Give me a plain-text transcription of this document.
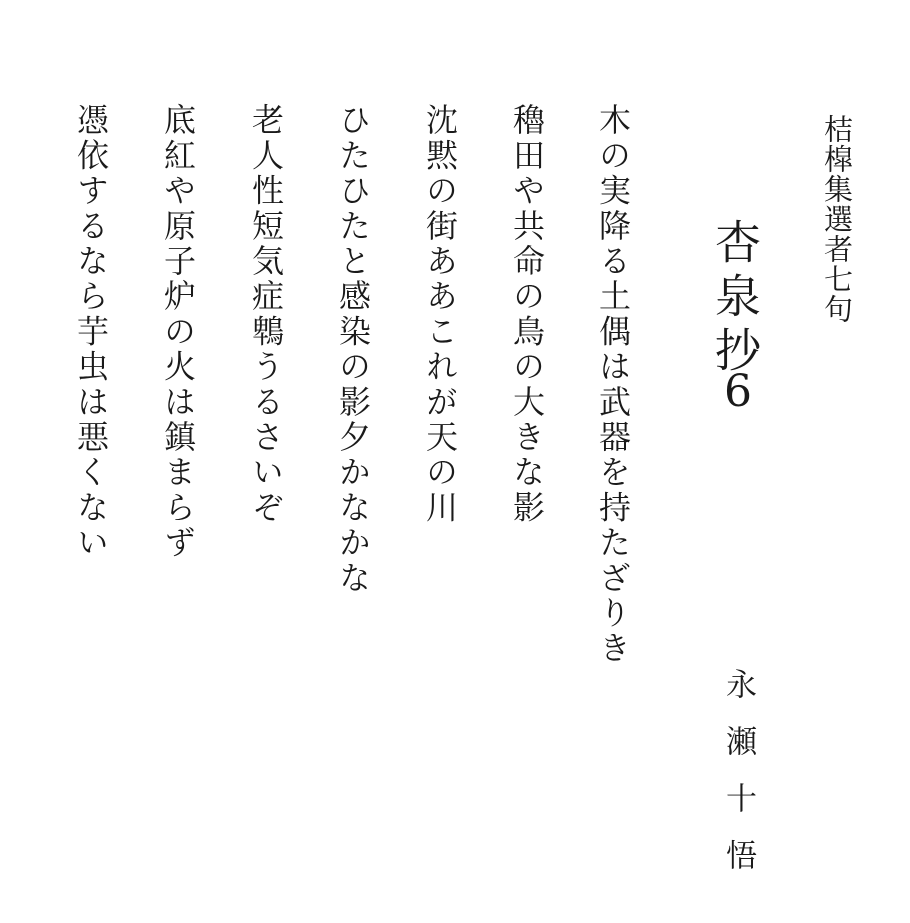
桔槹集選者七句
杏泉抄
6
永瀬十悟
木の実降る土偶は武器を持たざりき
穭田や共命の鳥の大きな影
沈黙の街ああこれが天の川
ひたひたと感染の影夕かなかな
老人性短気症鵯うるさいぞ
底紅や原子炉の火は鎮まらず
憑依するなら芋虫は悪くない
